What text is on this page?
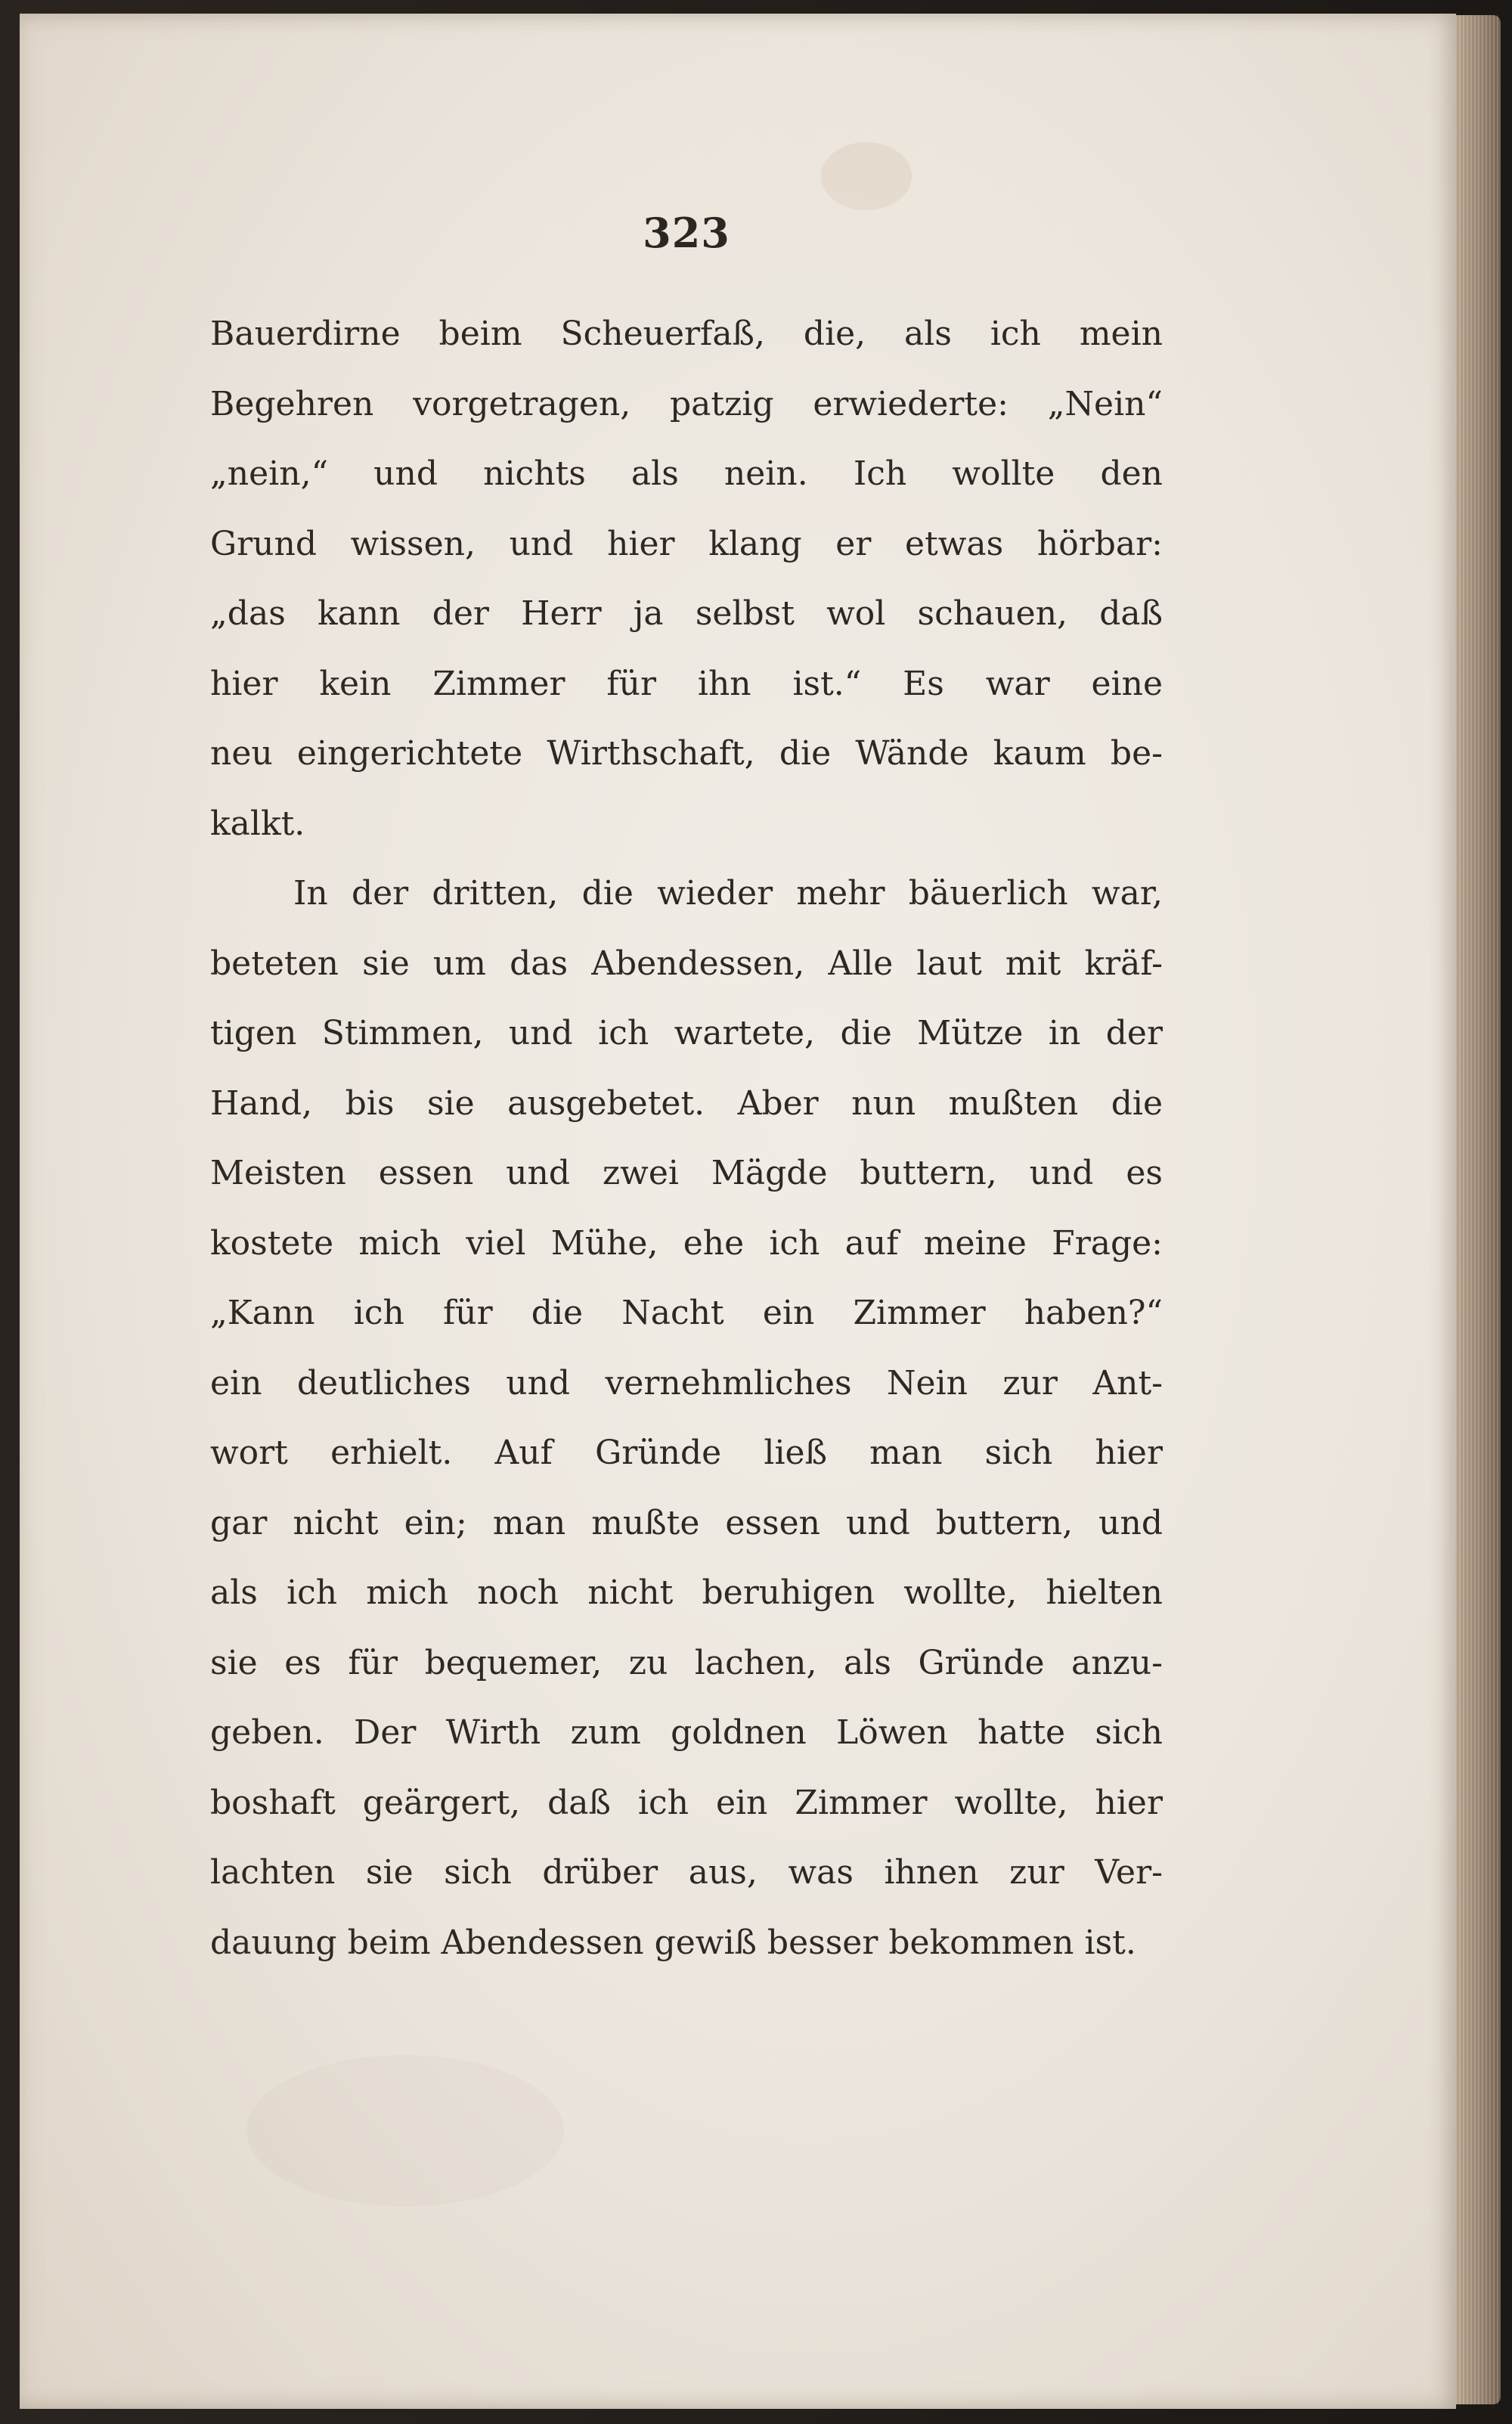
323
Bauerdirne beim Scheuerfaß, die, als ich mein
Begehren vorgetragen, patzig erwiederte: „Nein“
„nein,“ und nichts als nein. Ich wollte den
Grund wissen, und hier klang er etwas hörbar:
„das kann der Herr ja selbst wol schauen, daß
hier kein Zimmer für ihn ist.“ Es war eine
neu eingerichtete Wirthschaft, die Wände kaum be-
kalkt.
In der dritten, die wieder mehr bäuerlich war,
beteten sie um das Abendessen, Alle laut mit kräf-
tigen Stimmen, und ich wartete, die Mütze in der
Hand, bis sie ausgebetet. Aber nun mußten die
Meisten essen und zwei Mägde buttern, und es
kostete mich viel Mühe, ehe ich auf meine Frage:
„Kann ich für die Nacht ein Zimmer haben?“
ein deutliches und vernehmliches Nein zur Ant-
wort erhielt. Auf Gründe ließ man sich hier
gar nicht ein; man mußte essen und buttern, und
als ich mich noch nicht beruhigen wollte, hielten
sie es für bequemer, zu lachen, als Gründe anzu-
geben. Der Wirth zum goldnen Löwen hatte sich
boshaft geärgert, daß ich ein Zimmer wollte, hier
lachten sie sich drüber aus, was ihnen zur Ver-
dauung beim Abendessen gewiß besser bekommen ist.
